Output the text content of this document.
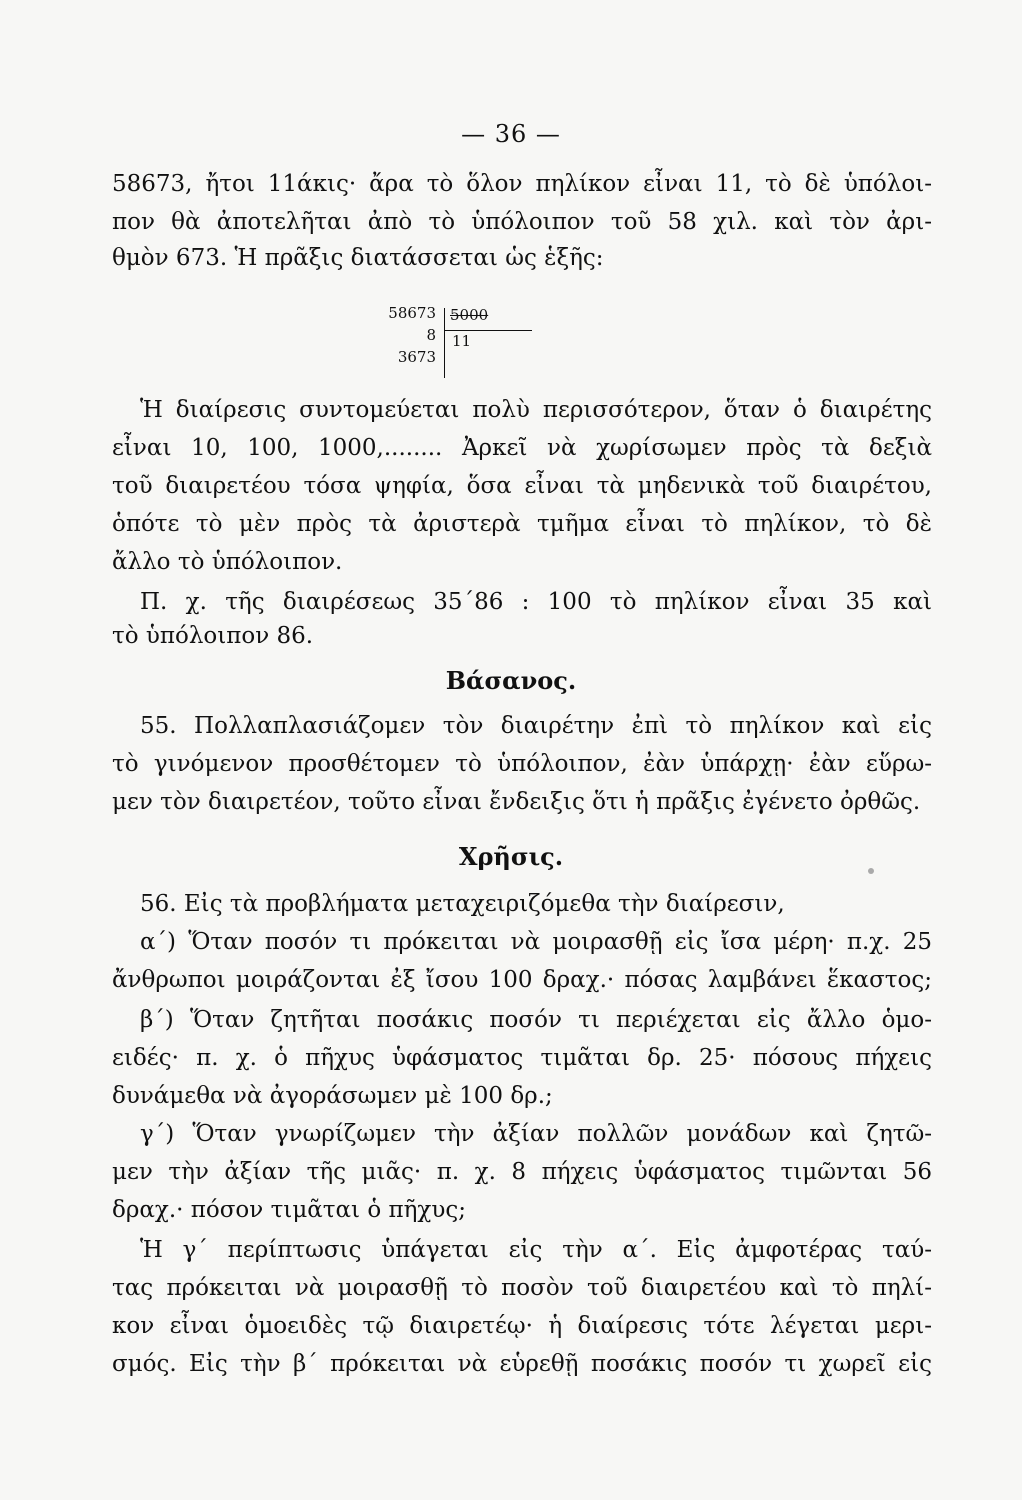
— 36 —
58673, ἤτοι 11άκις· ἄρα τὸ ὅλον πηλίκον εἶναι 11, τὸ δὲ ὑπόλοι-
πον θὰ ἀποτελῆται ἀπὸ τὸ ὑπόλοιπον τοῦ 58 χιλ. καὶ τὸν ἀρι-
θμὸν 673. Ἡ πρᾶξις διατάσσεται ὡς ἑξῆς:
58673
8
3673
5000
11
Ἡ διαίρεσις συντομεύεται πολὺ περισσότερον, ὅταν ὁ διαιρέτης
εἶναι 10, 100, 1000,........ Ἀρκεῖ νὰ χωρίσωμεν πρὸς τὰ δεξιὰ
τοῦ διαιρετέου τόσα ψηφία, ὅσα εἶναι τὰ μηδενικὰ τοῦ διαιρέτου,
ὁπότε τὸ μὲν πρὸς τὰ ἀριστερὰ τμῆμα εἶναι τὸ πηλίκον, τὸ δὲ
ἄλλο τὸ ὑπόλοιπον.
Π. χ. τῆς διαιρέσεως 35΄86 : 100 τὸ πηλίκον εἶναι 35 καὶ
τὸ ὑπόλοιπον 86.
Βάσανος.
55. Πολλαπλασιάζομεν τὸν διαιρέτην ἐπὶ τὸ πηλίκον καὶ εἰς
τὸ γινόμενον προσθέτομεν τὸ ὑπόλοιπον, ἐὰν ὑπάρχῃ· ἐὰν εὕρω-
μεν τὸν διαιρετέον, τοῦτο εἶναι ἔνδειξις ὅτι ἡ πρᾶξις ἐγένετο ὀρθῶς.
Χρῆσις.
56. Εἰς τὰ προβλήματα μεταχειριζόμεθα τὴν διαίρεσιν,
α΄) Ὅταν ποσόν τι πρόκειται νὰ μοιρασθῇ εἰς ἴσα μέρη· π.χ. 25
ἄνθρωποι μοιράζονται ἐξ ἴσου 100 δραχ.· πόσας λαμβάνει ἕκαστος;
β΄) Ὅταν ζητῆται ποσάκις ποσόν τι περιέχεται εἰς ἄλλο ὁμο-
ειδές· π. χ. ὁ πῆχυς ὑφάσματος τιμᾶται δρ. 25· πόσους πήχεις
δυνάμεθα νὰ ἀγοράσωμεν μὲ 100 δρ.;
γ΄) Ὅταν γνωρίζωμεν τὴν ἀξίαν πολλῶν μονάδων καὶ ζητῶ-
μεν τὴν ἀξίαν τῆς μιᾶς· π. χ. 8 πήχεις ὑφάσματος τιμῶνται 56
δραχ.· πόσον τιμᾶται ὁ πῆχυς;
Ἡ γ΄ περίπτωσις ὑπάγεται εἰς τὴν α΄. Εἰς ἀμφοτέρας ταύ-
τας πρόκειται νὰ μοιρασθῇ τὸ ποσὸν τοῦ διαιρετέου καὶ τὸ πηλί-
κον εἶναι ὁμοειδὲς τῷ διαιρετέῳ· ἡ διαίρεσις τότε λέγεται μερι-
σμός. Εἰς τὴν β΄ πρόκειται νὰ εὑρεθῇ ποσάκις ποσόν τι χωρεῖ εἰς
